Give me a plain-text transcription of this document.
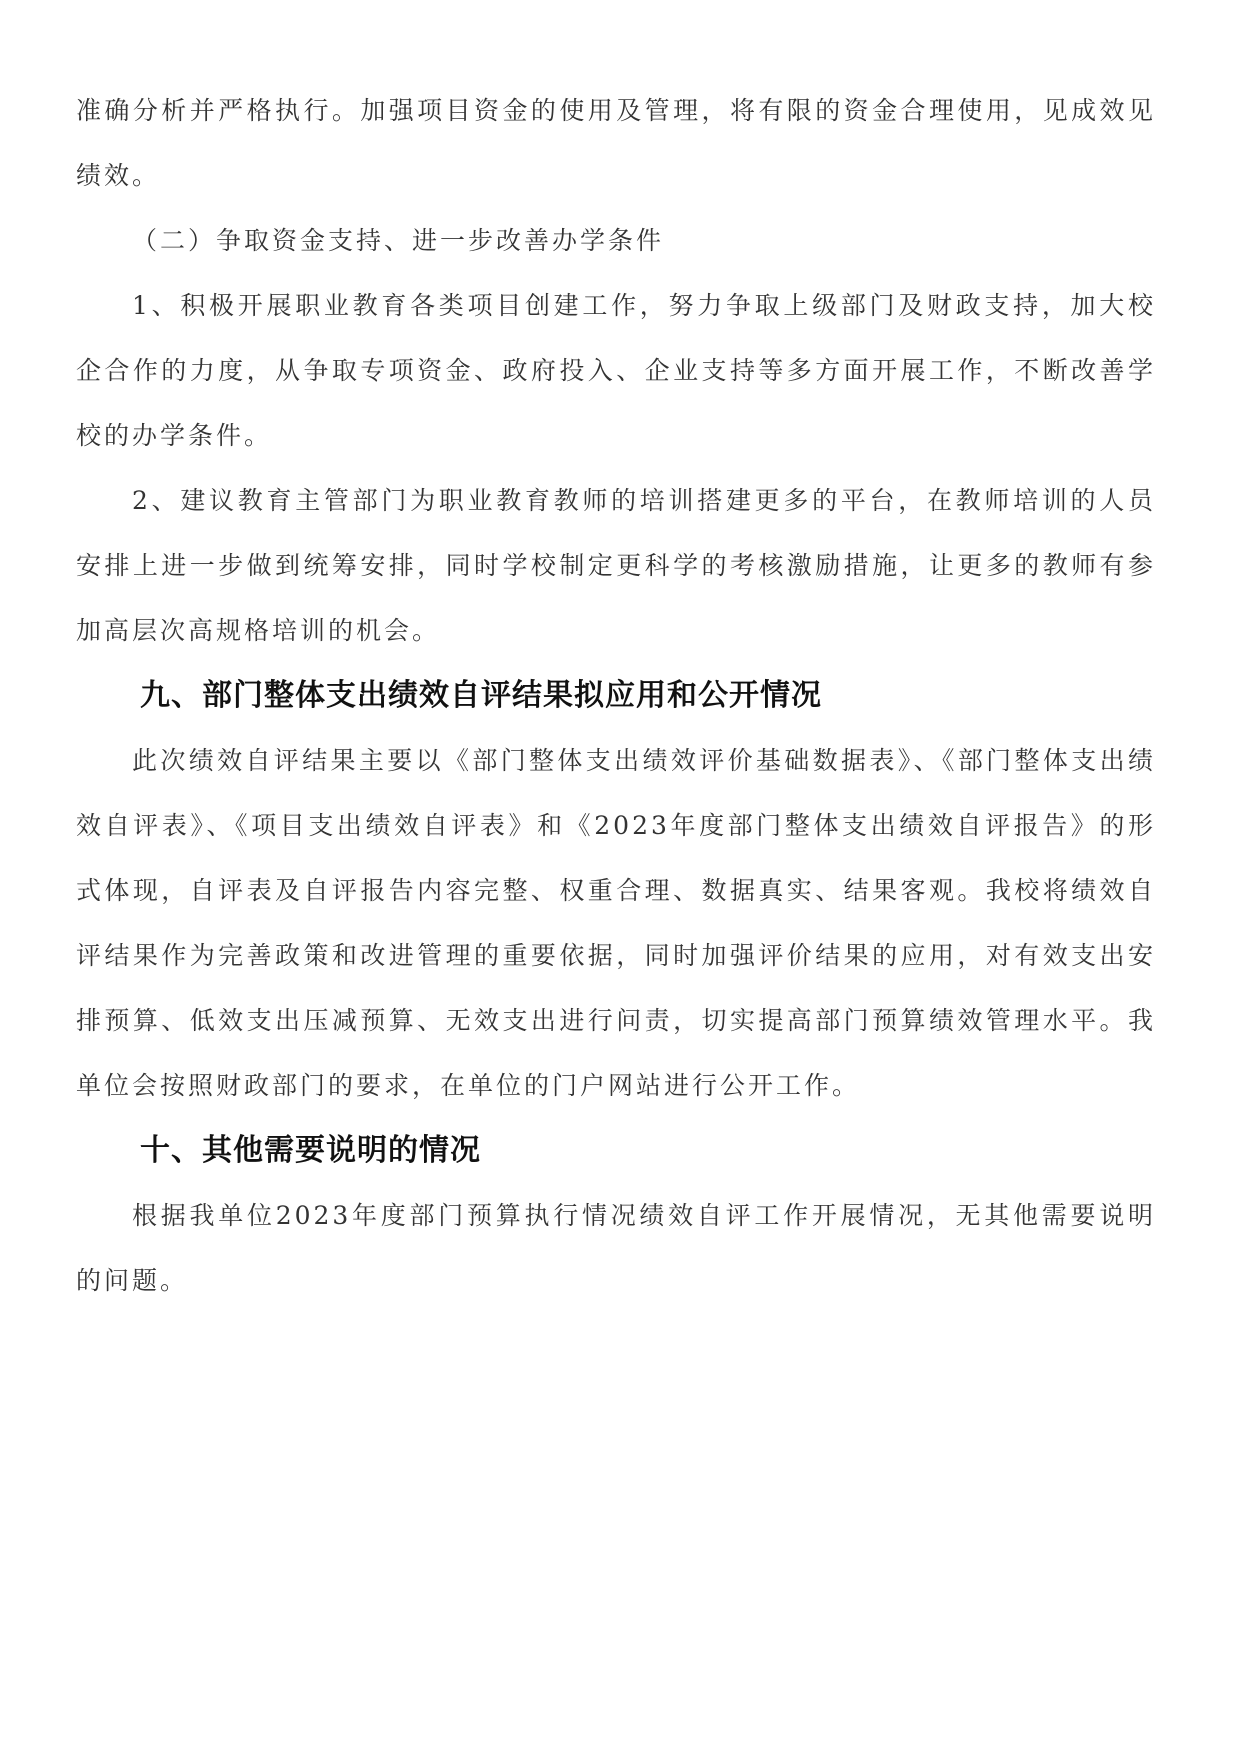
准确分析并严格执行。加强项目资金的使用及管理，将有限的资金合理使用，见成效见绩效。

（二）争取资金支持、进一步改善办学条件

1、积极开展职业教育各类项目创建工作，努力争取上级部门及财政支持，加大校企合作的力度，从争取专项资金、政府投入、企业支持等多方面开展工作，不断改善学校的办学条件。

2、建议教育主管部门为职业教育教师的培训搭建更多的平台，在教师培训的人员安排上进一步做到统筹安排，同时学校制定更科学的考核激励措施，让更多的教师有参加高层次高规格培训的机会。

九、部门整体支出绩效自评结果拟应用和公开情况

此次绩效自评结果主要以《部门整体支出绩效评价基础数据表》、《部门整体支出绩效自评表》、《项目支出绩效自评表》和《2023年度部门整体支出绩效自评报告》的形式体现，自评表及自评报告内容完整、权重合理、数据真实、结果客观。我校将绩效自评结果作为完善政策和改进管理的重要依据，同时加强评价结果的应用，对有效支出安排预算、低效支出压减预算、无效支出进行问责，切实提高部门预算绩效管理水平。我单位会按照财政部门的要求，在单位的门户网站进行公开工作。

十、其他需要说明的情况

根据我单位2023年度部门预算执行情况绩效自评工作开展情况，无其他需要说明的问题。
